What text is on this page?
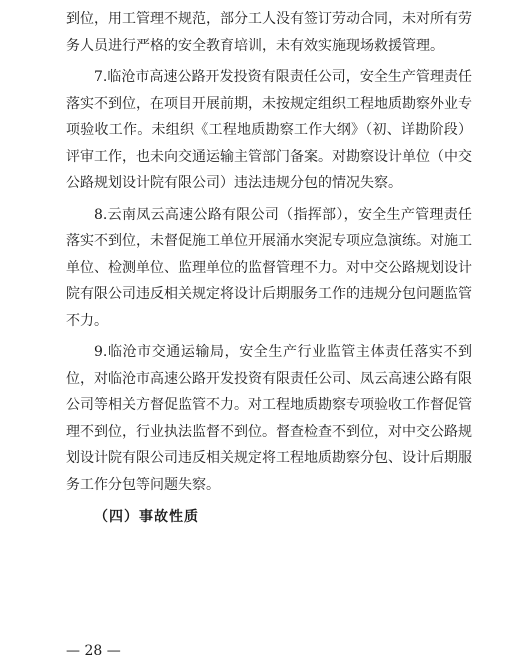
到位，用工管理不规范，部分工人没有签订劳动合同，未对所有劳务人员进行严格的安全教育培训，未有效实施现场救援管理。

7.临沧市高速公路开发投资有限责任公司，安全生产管理责任落实不到位，在项目开展前期，未按规定组织工程地质勘察外业专项验收工作。未组织《工程地质勘察工作大纲》（初、详勘阶段）评审工作，也未向交通运输主管部门备案。对勘察设计单位（中交公路规划设计院有限公司）违法违规分包的情况失察。

8.云南凤云高速公路有限公司（指挥部），安全生产管理责任落实不到位，未督促施工单位开展涌水突泥专项应急演练。对施工单位、检测单位、监理单位的监督管理不力。对中交公路规划设计院有限公司违反相关规定将设计后期服务工作的违规分包问题监管不力。

9.临沧市交通运输局，安全生产行业监管主体责任落实不到位，对临沧市高速公路开发投资有限责任公司、凤云高速公路有限公司等相关方督促监管不力。对工程地质勘察专项验收工作督促管理不到位，行业执法监督不到位。督查检查不到位，对中交公路规划设计院有限公司违反相关规定将工程地质勘察分包、设计后期服务工作分包等问题失察。

（四）事故性质

— 28 —
